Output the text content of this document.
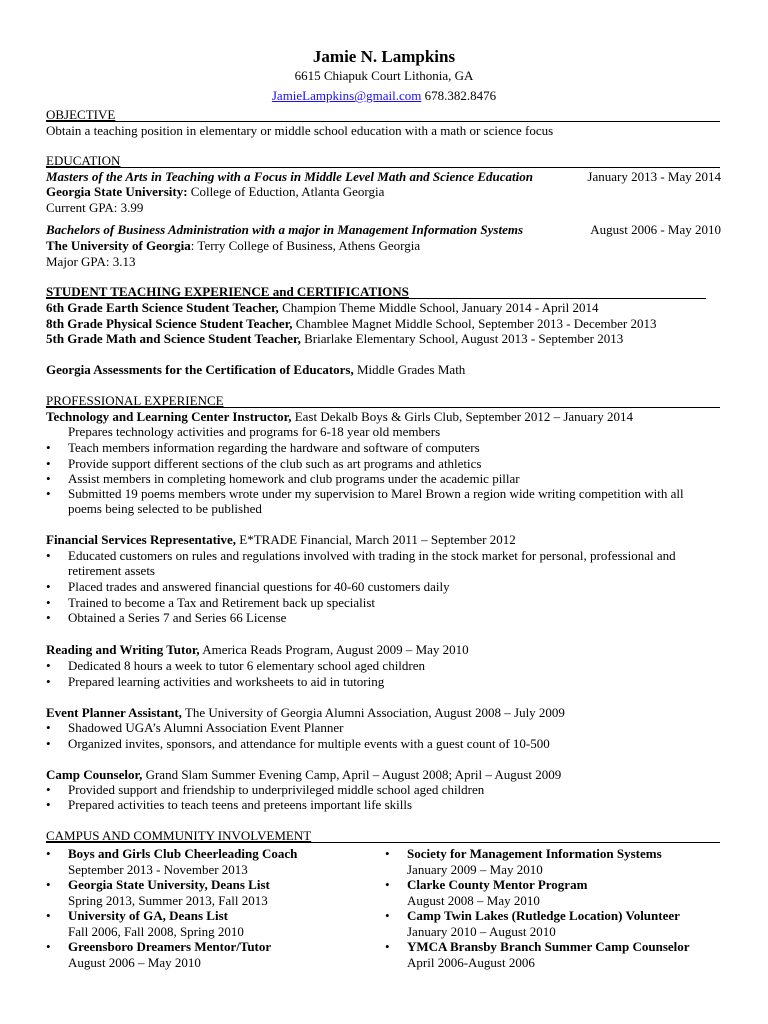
Jamie N. Lampkins
6615 Chiapuk Court Lithonia, GA
JamieLampkins@gmail.com 678.382.8476
OBJECTIVE
Obtain a teaching position in elementary or middle school education with a math or science focus
EDUCATION
Masters of the Arts in Teaching with a Focus in Middle Level Math and Science Education	January 2013 - May 2014
Georgia State University: College of Eduction, Atlanta Georgia
Current GPA: 3.99
Bachelors of Business Administration with a major in Management Information Systems	August 2006 - May 2010
The University of Georgia: Terry College of Business, Athens Georgia
Major GPA: 3.13
STUDENT TEACHING EXPERIENCE and CERTIFICATIONS
6th Grade Earth Science Student Teacher, Champion Theme Middle School, January 2014 - April 2014
8th Grade Physical Science Student Teacher, Chamblee Magnet Middle School, September 2013 - December 2013
5th Grade Math and Science Student Teacher, Briarlake Elementary School, August 2013 - September 2013
Georgia Assessments for the Certification of Educators, Middle Grades Math
PROFESSIONAL EXPERIENCE
Technology and Learning Center Instructor, East Dekalb Boys & Girls Club, September 2012 – January 2014
Prepares technology activities and programs for 6-18 year old members
Teach members information regarding the hardware and software of computers
Provide support different sections of the club such as art programs and athletics
Assist members in completing homework and club programs under the academic pillar
Submitted 19 poems members wrote under my supervision to Marel Brown a region wide writing competition with all
poems being selected to be published
Financial Services Representative, E*TRADE Financial, March 2011 – September 2012
Educated customers on rules and regulations involved with trading in the stock market for personal, professional and
retirement assets
Placed trades and answered financial questions for 40-60 customers daily
Trained to become a Tax and Retirement back up specialist
Obtained a Series 7 and Series 66 License
Reading and Writing Tutor, America Reads Program, August 2009 – May 2010
Dedicated 8 hours a week to tutor 6 elementary school aged children
Prepared learning activities and worksheets to aid in tutoring
Event Planner Assistant, The University of Georgia Alumni Association, August 2008 – July 2009
Shadowed UGA’s Alumni Association Event Planner
Organized invites, sponsors, and attendance for multiple events with a guest count of 10-500
Camp Counselor, Grand Slam Summer Evening Camp, April – August 2008; April – August 2009
Provided support and friendship to underprivileged middle school aged children
Prepared activities to teach teens and preteens important life skills
CAMPUS AND COMMUNITY INVOLVEMENT
Boys and Girls Club Cheerleading Coach
September 2013 - November 2013
Georgia State University, Deans List
Spring 2013, Summer 2013, Fall 2013
University of GA, Deans List
Fall 2006, Fall 2008, Spring 2010
Greensboro Dreamers Mentor/Tutor
August 2006 – May 2010
Society for Management Information Systems
January 2009 – May 2010
Clarke County Mentor Program
August 2008 – May 2010
Camp Twin Lakes (Rutledge Location) Volunteer
January 2010 – August 2010
YMCA Bransby Branch Summer Camp Counselor
April 2006-August 2006
